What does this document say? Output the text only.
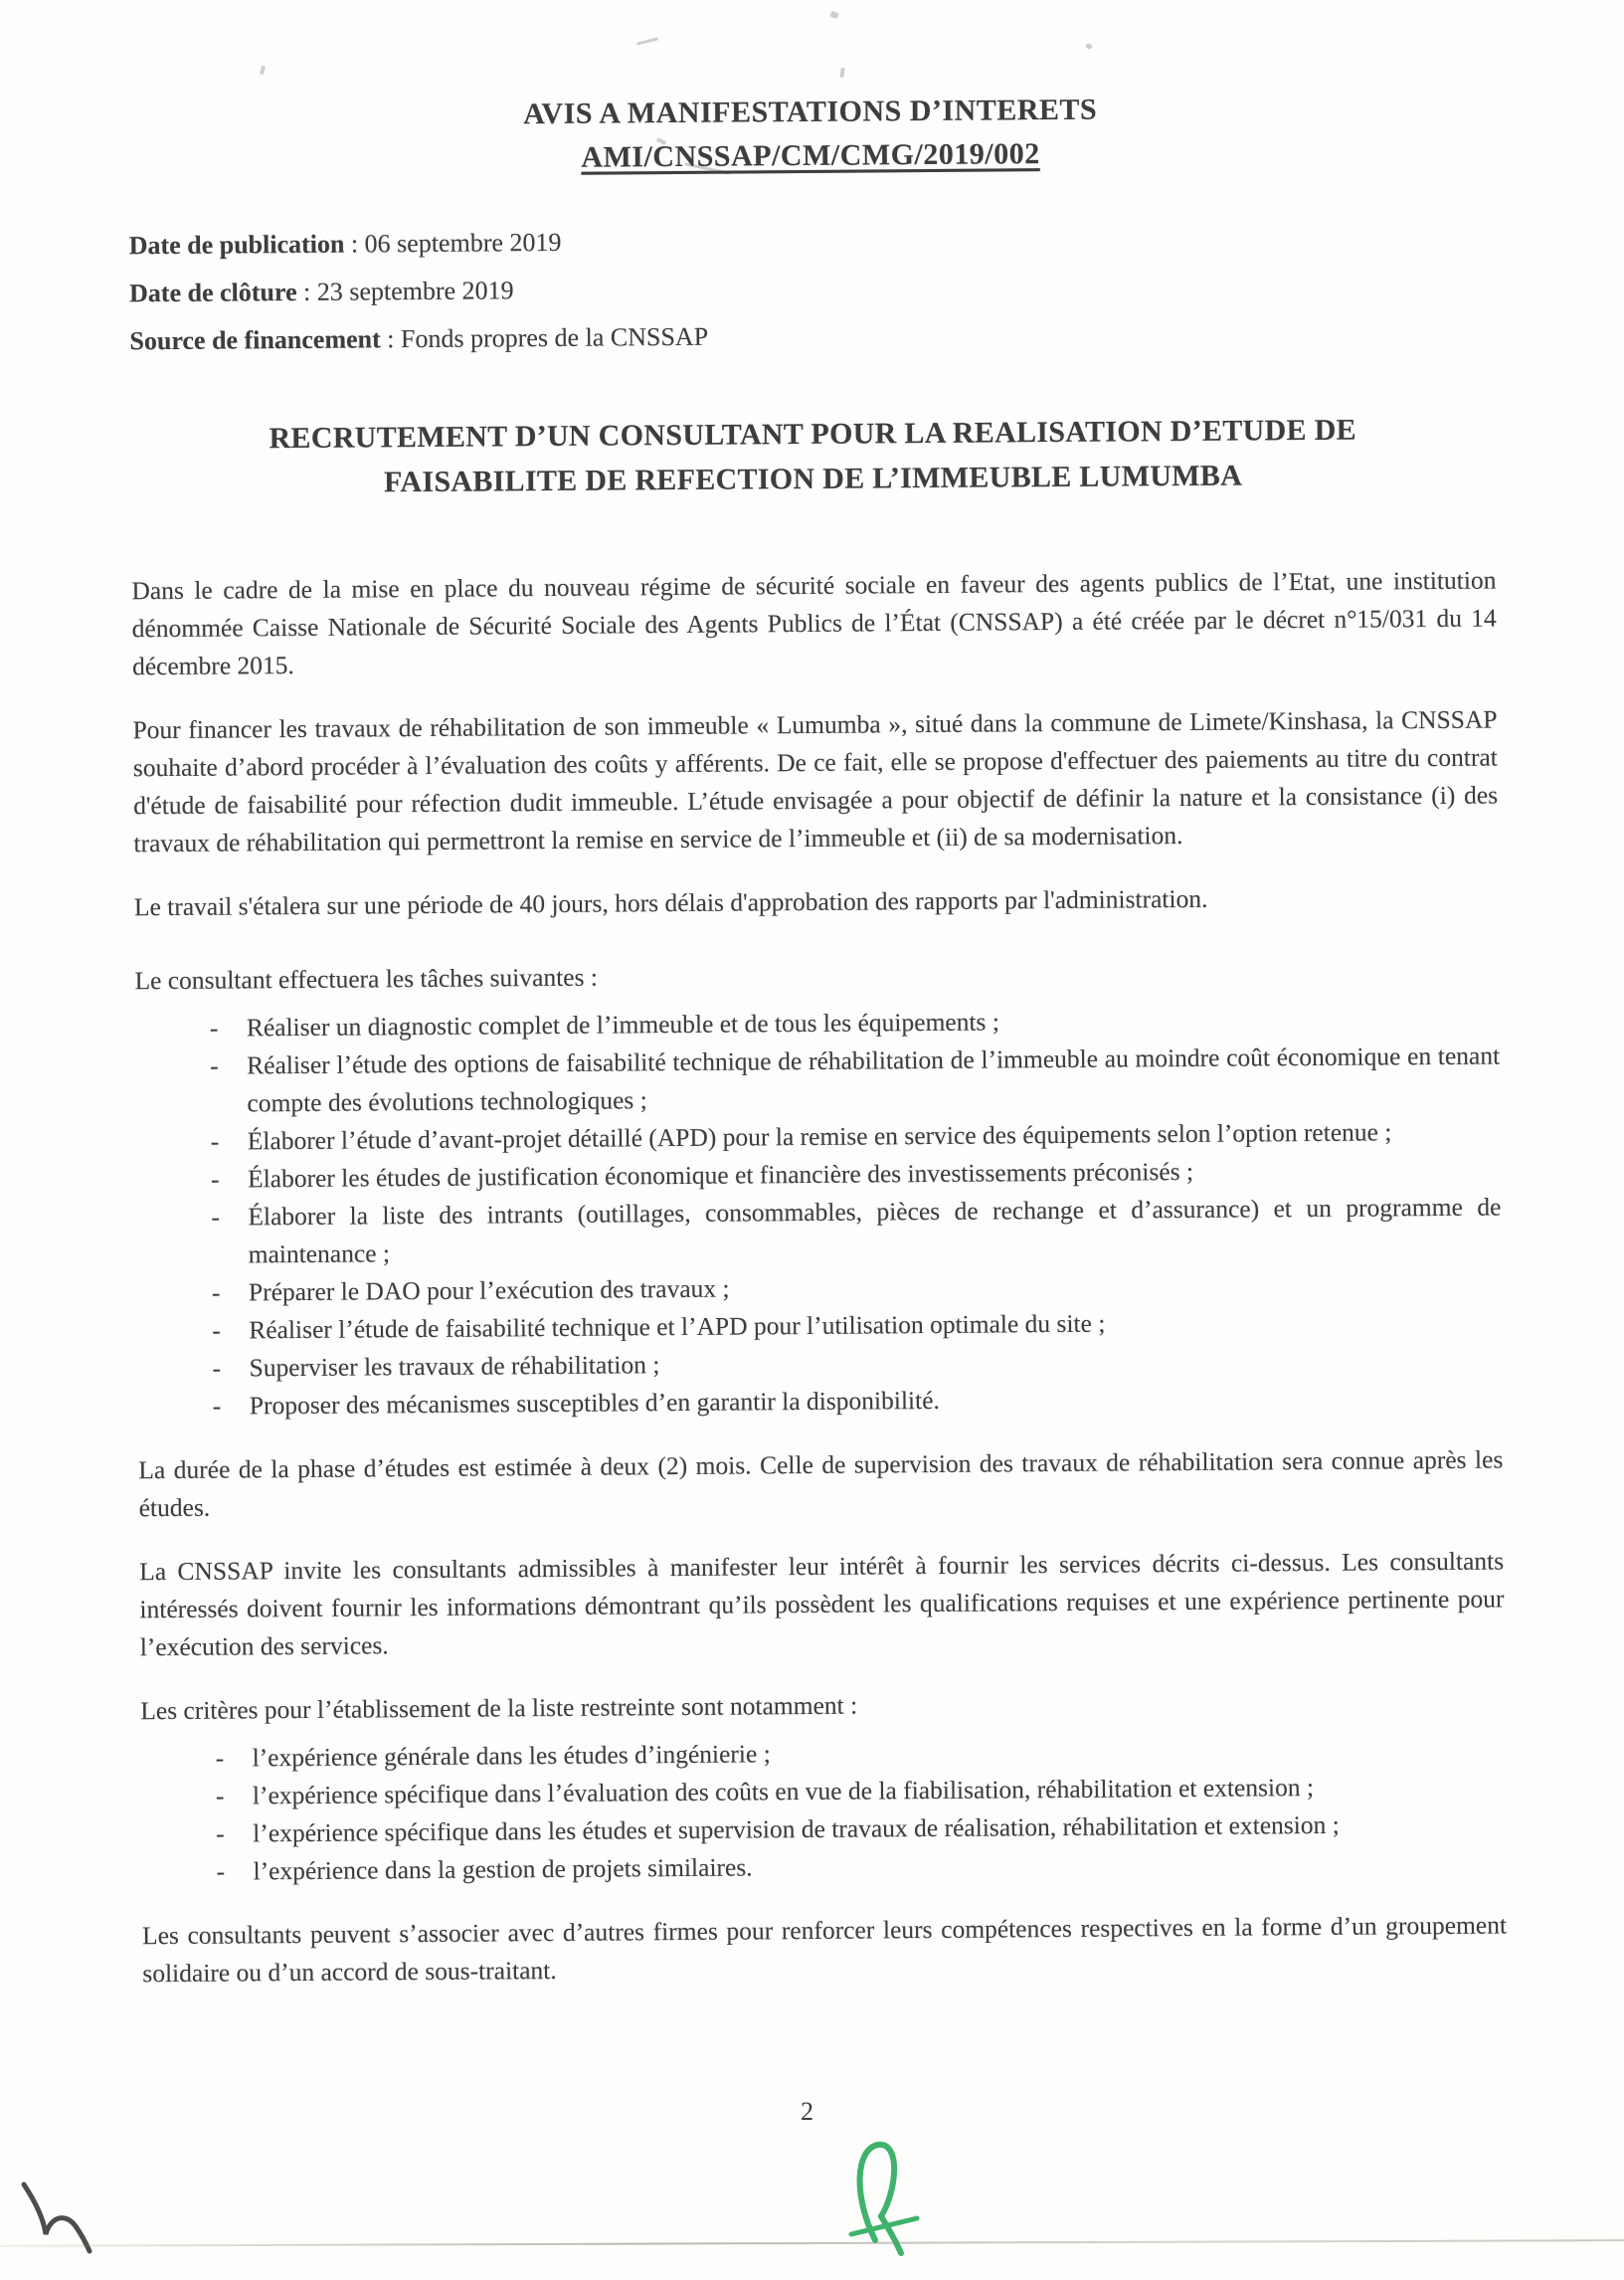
AVIS A MANIFESTATIONS D’INTERETS
AMI/CNSSAP/CM/CMG/2019/002
Date de publication : 06 septembre 2019
Date de clôture : 23 septembre 2019
Source de financement : Fonds propres de la CNSSAP
RECRUTEMENT D’UN CONSULTANT POUR LA REALISATION D’ETUDE DE
FAISABILITE DE REFECTION DE L’IMMEUBLE LUMUMBA

Dans le cadre de la mise en place du nouveau régime de sécurité sociale en faveur des agents publics de l’Etat, une institution dénommée Caisse Nationale de Sécurité Sociale des Agents Publics de l’État (CNSSAP) a été créée par le décret n°15/031 du 14 décembre 2015.

Pour financer les travaux de réhabilitation de son immeuble « Lumumba », situé dans la commune de Limete/Kinshasa, la CNSSAP souhaite d’abord procéder à l’évaluation des coûts y afférents. De ce fait, elle se propose d'effectuer des paiements au titre du contrat d'étude de faisabilité pour réfection dudit immeuble. L’étude envisagée a pour objectif de définir la nature et la consistance (i) des travaux de réhabilitation qui permettront la remise en service de l’immeuble et (ii) de sa modernisation.

Le travail s'étalera sur une période de 40 jours, hors délais d'approbation des rapports par l'administration.

Le consultant effectuera les tâches suivantes :

- Réaliser un diagnostic complet de l’immeuble et de tous les équipements ;
- Réaliser l’étude des options de faisabilité technique de réhabilitation de l’immeuble au moindre coût économique en tenant compte des évolutions technologiques ;
- Élaborer l’étude d’avant-projet détaillé (APD) pour la remise en service des équipements selon l’option retenue ;
- Élaborer les études de justification économique et financière des investissements préconisés ;
- Élaborer la liste des intrants (outillages, consommables, pièces de rechange et d’assurance) et un programme de maintenance ;
- Préparer le DAO pour l’exécution des travaux ;
- Réaliser l’étude de faisabilité technique et l’APD pour l’utilisation optimale du site ;
- Superviser les travaux de réhabilitation ;
- Proposer des mécanismes susceptibles d’en garantir la disponibilité.

La durée de la phase d’études est estimée à deux (2) mois. Celle de supervision des travaux de réhabilitation sera connue après les études.

La CNSSAP invite les consultants admissibles à manifester leur intérêt à fournir les services décrits ci-dessus. Les consultants intéressés doivent fournir les informations démontrant qu’ils possèdent les qualifications requises et une expérience pertinente pour l’exécution des services.

Les critères pour l’établissement de la liste restreinte sont notamment :

- l’expérience générale dans les études d’ingénierie ;
- l’expérience spécifique dans l’évaluation des coûts en vue de la fiabilisation, réhabilitation et extension ;
- l’expérience spécifique dans les études et supervision de travaux de réalisation, réhabilitation et extension ;
- l’expérience dans la gestion de projets similaires.

Les consultants peuvent s’associer avec d’autres firmes pour renforcer leurs compétences respectives en la forme d’un groupement solidaire ou d’un accord de sous-traitant.

2
